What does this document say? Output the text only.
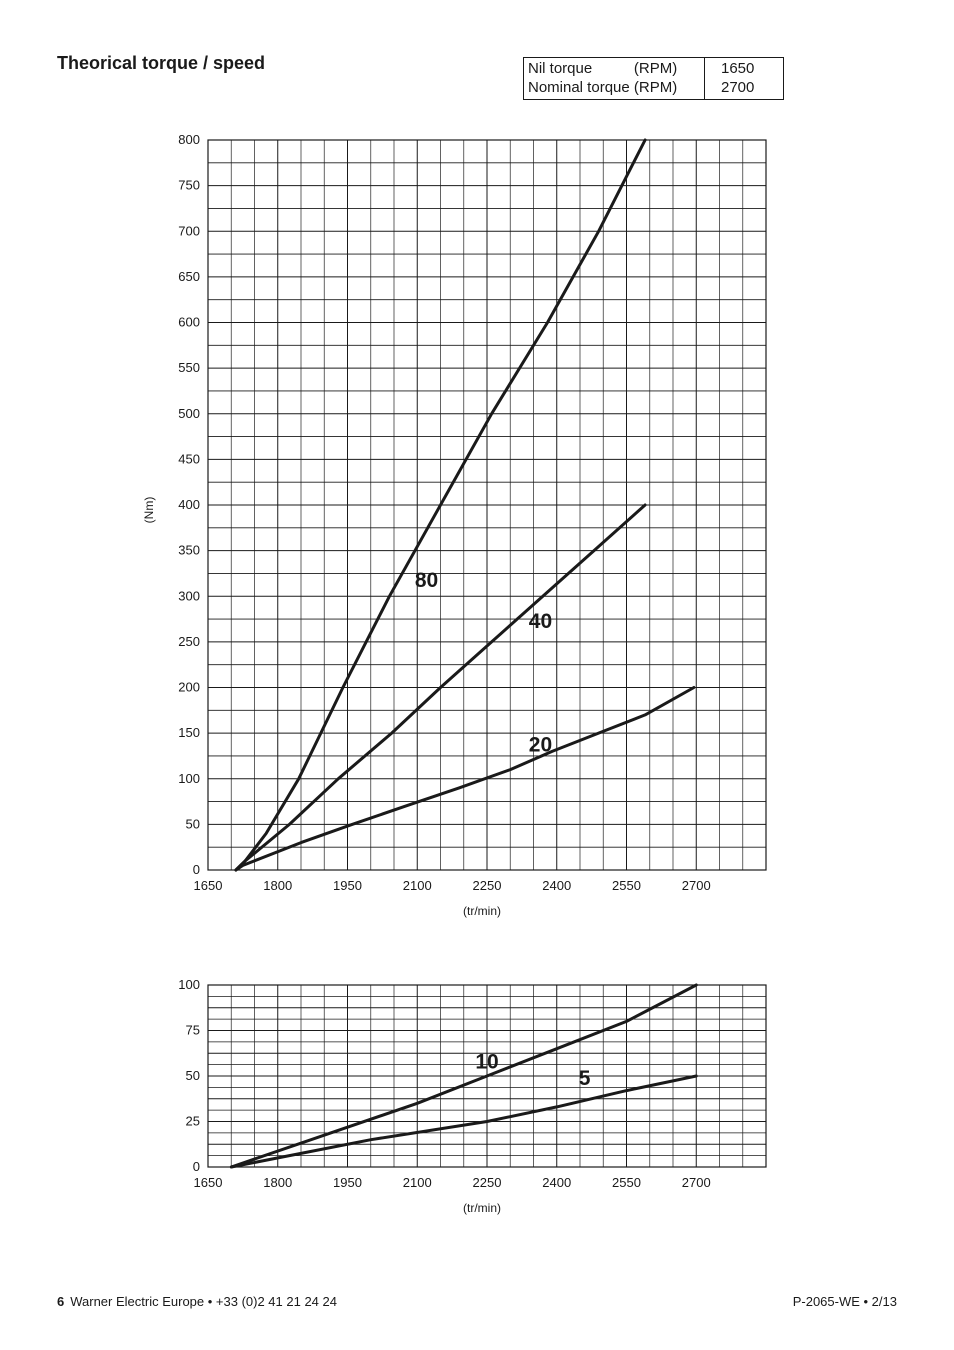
Theorical torque / speed	Nil torque          (RPM)	1650
Nominal torque (RPM)	2700
0
50
100
150
200
250
300
350
400
450
500
550
600
650
700
750
800
1650	1800	1950	2100	2250	2400	2550	2700
(tr/min)
(Nm)
80
40
20
0
25
50
75
100
1650	1800	1950	2100	2250	2400	2550	2700
(tr/min)
10
5
6 Warner Electric Europe • +33 (0)2 41 21 24 24	P-2065-WE • 2/13
